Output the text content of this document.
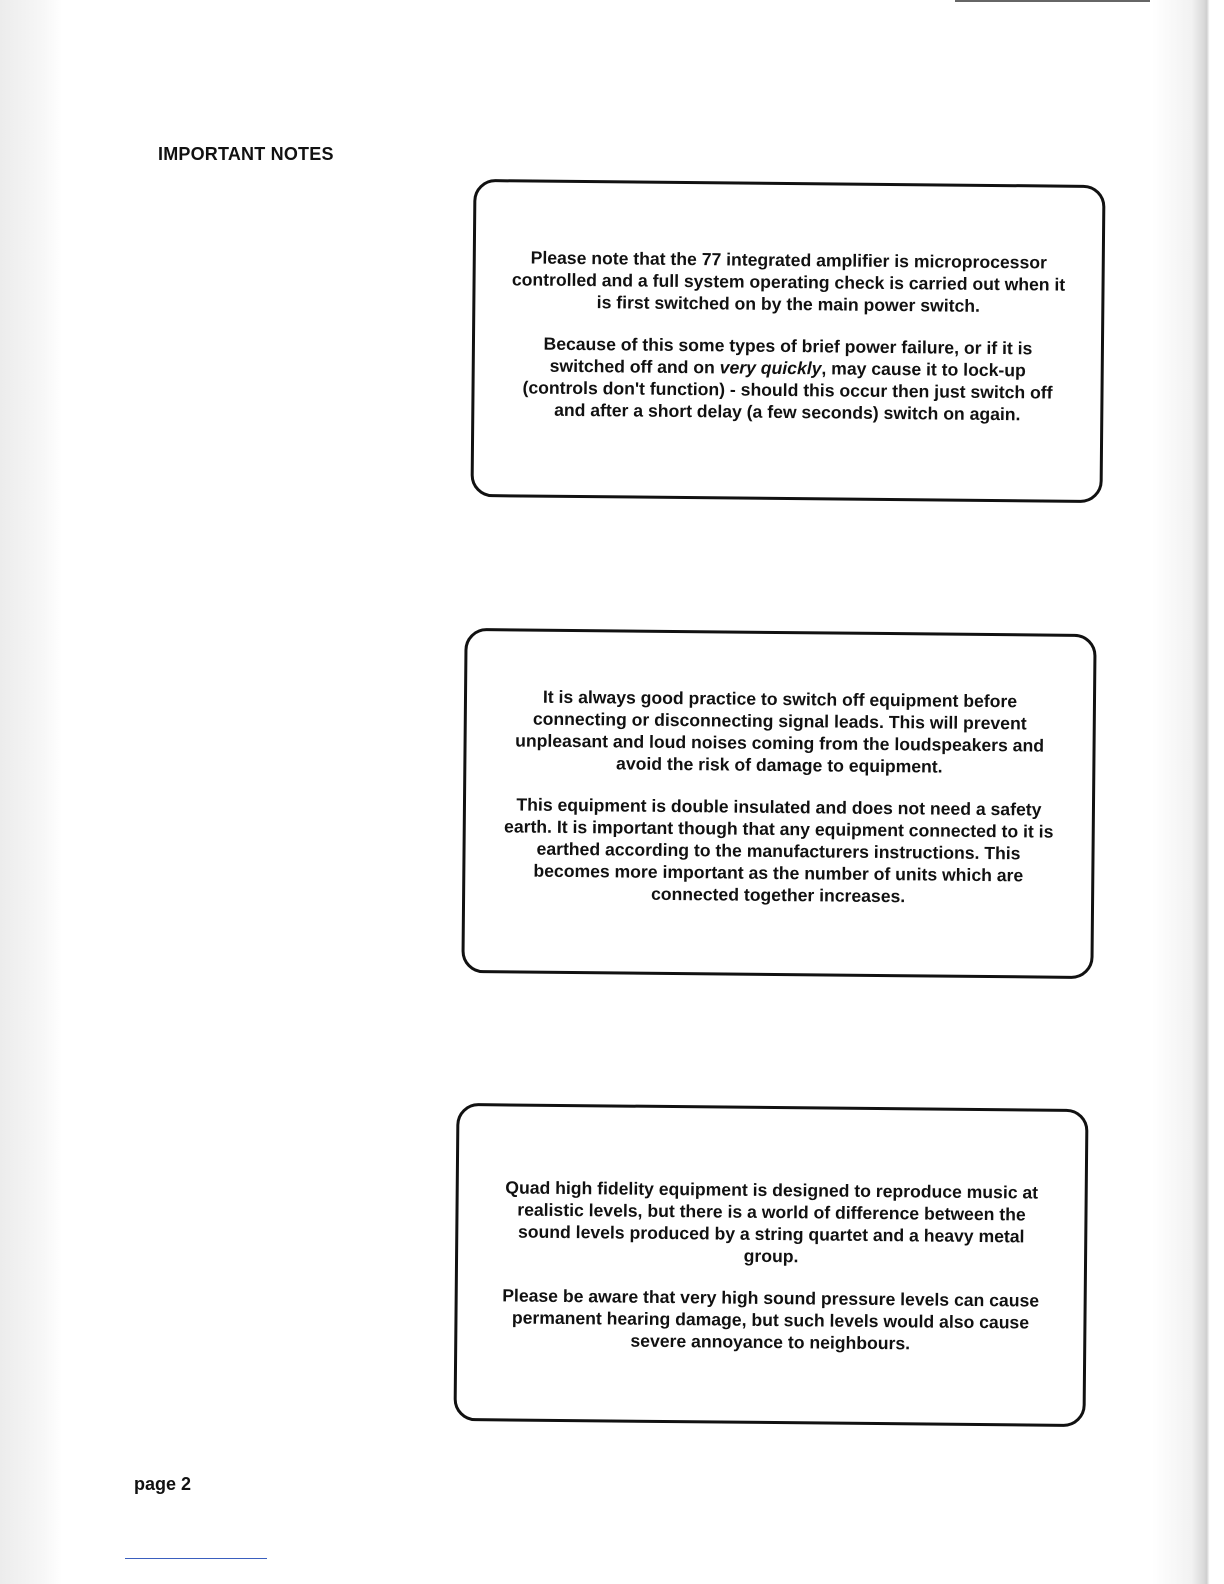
IMPORTANT NOTES

Please note that the 77 integrated amplifier is microprocessor controlled and a full system operating check is carried out when it is first switched on by the main power switch.

Because of this some types of brief power failure, or if it is switched off and on very quickly, may cause it to lock-up (controls don't function) - should this occur then just switch off and after a short delay (a few seconds) switch on again.

It is always good practice to switch off equipment before connecting or disconnecting signal leads. This will prevent unpleasant and loud noises coming from the loudspeakers and avoid the risk of damage to equipment.

This equipment is double insulated and does not need a safety earth. It is important though that any equipment connected to it is earthed according to the manufacturers instructions. This becomes more important as the number of units which are connected together increases.

Quad high fidelity equipment is designed to reproduce music at realistic levels, but there is a world of difference between the sound levels produced by a string quartet and a heavy metal group.

Please be aware that very high sound pressure levels can cause permanent hearing damage, but such levels would also cause severe annoyance to neighbours.

page 2
